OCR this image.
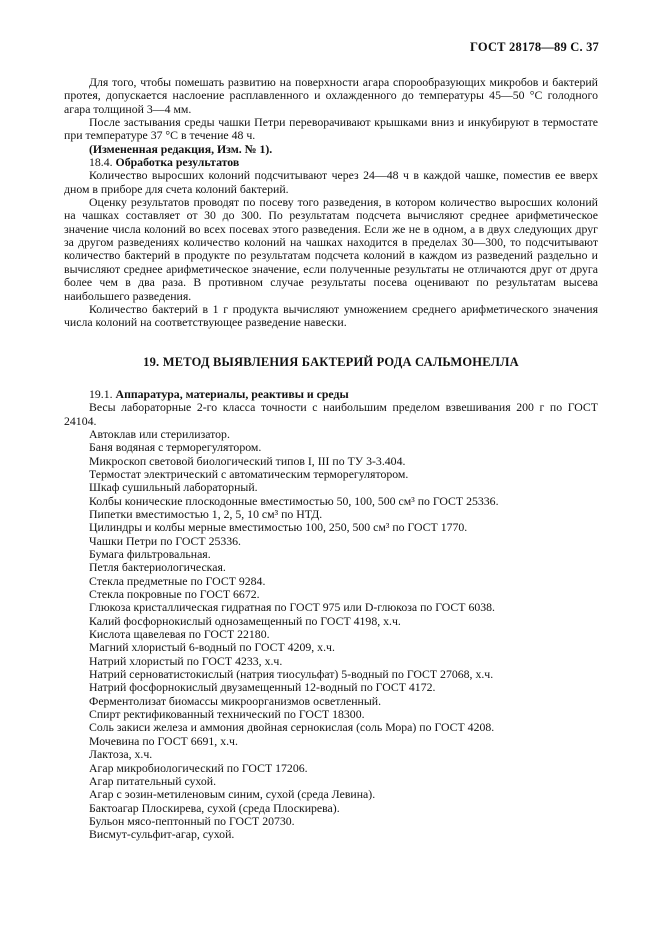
ГОСТ 28178—89 С. 37
Для того, чтобы помешать развитию на поверхности агара спорообразующих микробов и бактерий протея, допускается наслоение расплавленного и охлажденного до температуры 45—50 °С голодного агара толщиной 3—4 мм.
После застывания среды чашки Петри переворачивают крышками вниз и инкубируют в термостате при температуре 37 °С в течение 48 ч.
(Измененная редакция, Изм. № 1).
18.4. Обработка результатов
Количество выросших колоний подсчитывают через 24—48 ч в каждой чашке, поместив ее вверх дном в приборе для счета колоний бактерий.
Оценку результатов проводят по посеву того разведения, в котором количество выросших колоний на чашках составляет от 30 до 300. По результатам подсчета вычисляют среднее арифметическое значение числа колоний во всех посевах этого разведения. Если же не в одном, а в двух следующих друг за другом разведениях количество колоний на чашках находится в пределах 30—300, то подсчитывают количество бактерий в продукте по результатам подсчета колоний в каждом из разведений раздельно и вычисляют среднее арифметическое значение, если полученные результаты не отличаются друг от друга более чем в два раза. В противном случае результаты посева оценивают по результатам высева наибольшего разведения.
Количество бактерий в 1 г продукта вычисляют умножением среднего арифметического значения числа колоний на соответствующее разведение навески.
19. МЕТОД ВЫЯВЛЕНИЯ БАКТЕРИЙ РОДА САЛЬМОНЕЛЛА
19.1. Аппаратура, материалы, реактивы и среды
Весы лабораторные 2-го класса точности с наибольшим пределом взвешивания 200 г по ГОСТ 24104.
Автоклав или стерилизатор.
Баня водяная с терморегулятором.
Микроскоп световой биологический типов I, III по ТУ 3-3.404.
Термостат электрический с автоматическим терморегулятором.
Шкаф сушильный лабораторный.
Колбы конические плоскодонные вместимостью 50, 100, 500 см³ по ГОСТ 25336.
Пипетки вместимостью 1, 2, 5, 10 см³ по НТД.
Цилиндры и колбы мерные вместимостью 100, 250, 500 см³ по ГОСТ 1770.
Чашки Петри по ГОСТ 25336.
Бумага фильтровальная.
Петля бактериологическая.
Стекла предметные по ГОСТ 9284.
Стекла покровные по ГОСТ 6672.
Глюкоза кристаллическая гидратная по ГОСТ 975 или D-глюкоза по ГОСТ 6038.
Калий фосфорнокислый однозамещенный по ГОСТ 4198, х.ч.
Кислота щавелевая по ГОСТ 22180.
Магний хлористый 6-водный по ГОСТ 4209, х.ч.
Натрий хлористый по ГОСТ 4233, х.ч.
Натрий серноватистокислый (натрия тиосульфат) 5-водный по ГОСТ 27068, х.ч.
Натрий фосфорнокислый двузамещенный 12-водный по ГОСТ 4172.
Ферментолизат биомассы микроорганизмов осветленный.
Спирт ректификованный технический по ГОСТ 18300.
Соль закиси железа и аммония двойная сернокислая (соль Мора) по ГОСТ 4208.
Мочевина по ГОСТ 6691, х.ч.
Лактоза, х.ч.
Агар микробиологический по ГОСТ 17206.
Агар питательный сухой.
Агар с эозин-метиленовым синим, сухой (среда Левина).
Бактоагар Плоскирева, сухой (среда Плоскирева).
Бульон мясо-пептонный по ГОСТ 20730.
Висмут-сульфит-агар, сухой.
